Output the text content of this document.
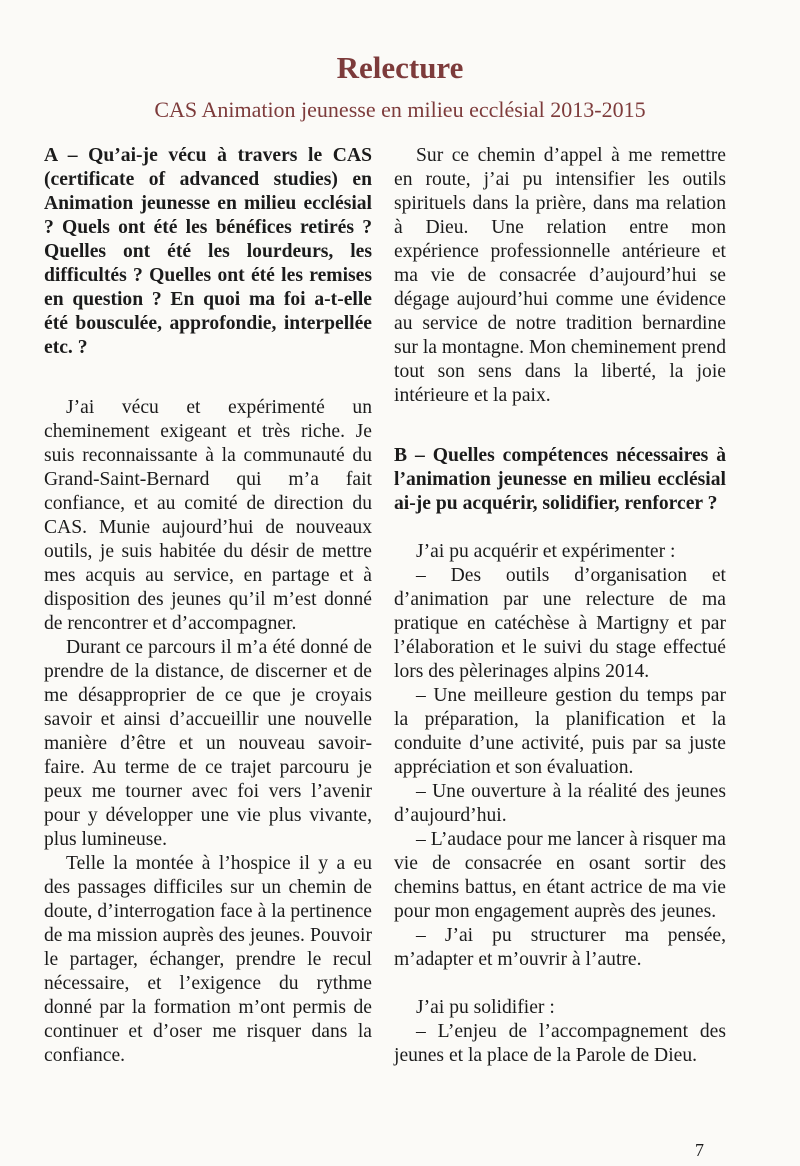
Relecture
CAS Animation jeunesse en milieu ecclésial 2013-2015

A – Qu’ai-je vécu à travers le CAS (certificate of advanced studies) en Animation jeunesse en milieu ecclésial ? Quels ont été les bénéfices retirés ? Quelles ont été les lourdeurs, les difficultés ? Quelles ont été les remises en question ? En quoi ma foi a-t-elle été bousculée, approfondie, interpellée etc. ?

J’ai vécu et expérimenté un cheminement exigeant et très riche. Je suis reconnaissante à la communauté du Grand-Saint-Bernard qui m’a fait confiance, et au comité de direction du CAS. Munie aujourd’hui de nouveaux outils, je suis habitée du désir de mettre mes acquis au service, en partage et à disposition des jeunes qu’il m’est donné de rencontrer et d’accompagner.

Durant ce parcours il m’a été donné de prendre de la distance, de discerner et de me désapproprier de ce que je croyais savoir et ainsi d’accueillir une nouvelle manière d’être et un nouveau savoir-faire. Au terme de ce trajet parcouru je peux me tourner avec foi vers l’avenir pour y développer une vie plus vivante, plus lumineuse.

Telle la montée à l’hospice il y a eu des passages difficiles sur un chemin de doute, d’interrogation face à la pertinence de ma mission auprès des jeunes. Pouvoir le partager, échanger, prendre le recul nécessaire, et l’exigence du rythme donné par la formation m’ont permis de continuer et d’oser me risquer dans la confiance.

Sur ce chemin d’appel à me remettre en route, j’ai pu intensifier les outils spirituels dans la prière, dans ma relation à Dieu. Une relation entre mon expérience professionnelle antérieure et ma vie de consacrée d’aujourd’hui se dégage aujourd’hui comme une évidence au service de notre tradition bernardine sur la montagne. Mon cheminement prend tout son sens dans la liberté, la joie intérieure et la paix.

B – Quelles compétences nécessaires à l’animation jeunesse en milieu ecclésial ai-je pu acquérir, solidifier, renforcer ?

J’ai pu acquérir et expérimenter :

– Des outils d’organisation et d’animation par une relecture de ma pratique en catéchèse à Martigny et par l’élaboration et le suivi du stage effectué lors des pèlerinages alpins 2014.

– Une meilleure gestion du temps par la préparation, la planification et la conduite d’une activité, puis par sa juste appréciation et son évaluation.

– Une ouverture à la réalité des jeunes d’aujourd’hui.

– L’audace pour me lancer à risquer ma vie de consacrée en osant sortir des chemins battus, en étant actrice de ma vie pour mon engagement auprès des jeunes.

– J’ai pu structurer ma pensée, m’adapter et m’ouvrir à l’autre.

J’ai pu solidifier :

– L’enjeu de l’accompagnement des jeunes et la place de la Parole de Dieu.

7
